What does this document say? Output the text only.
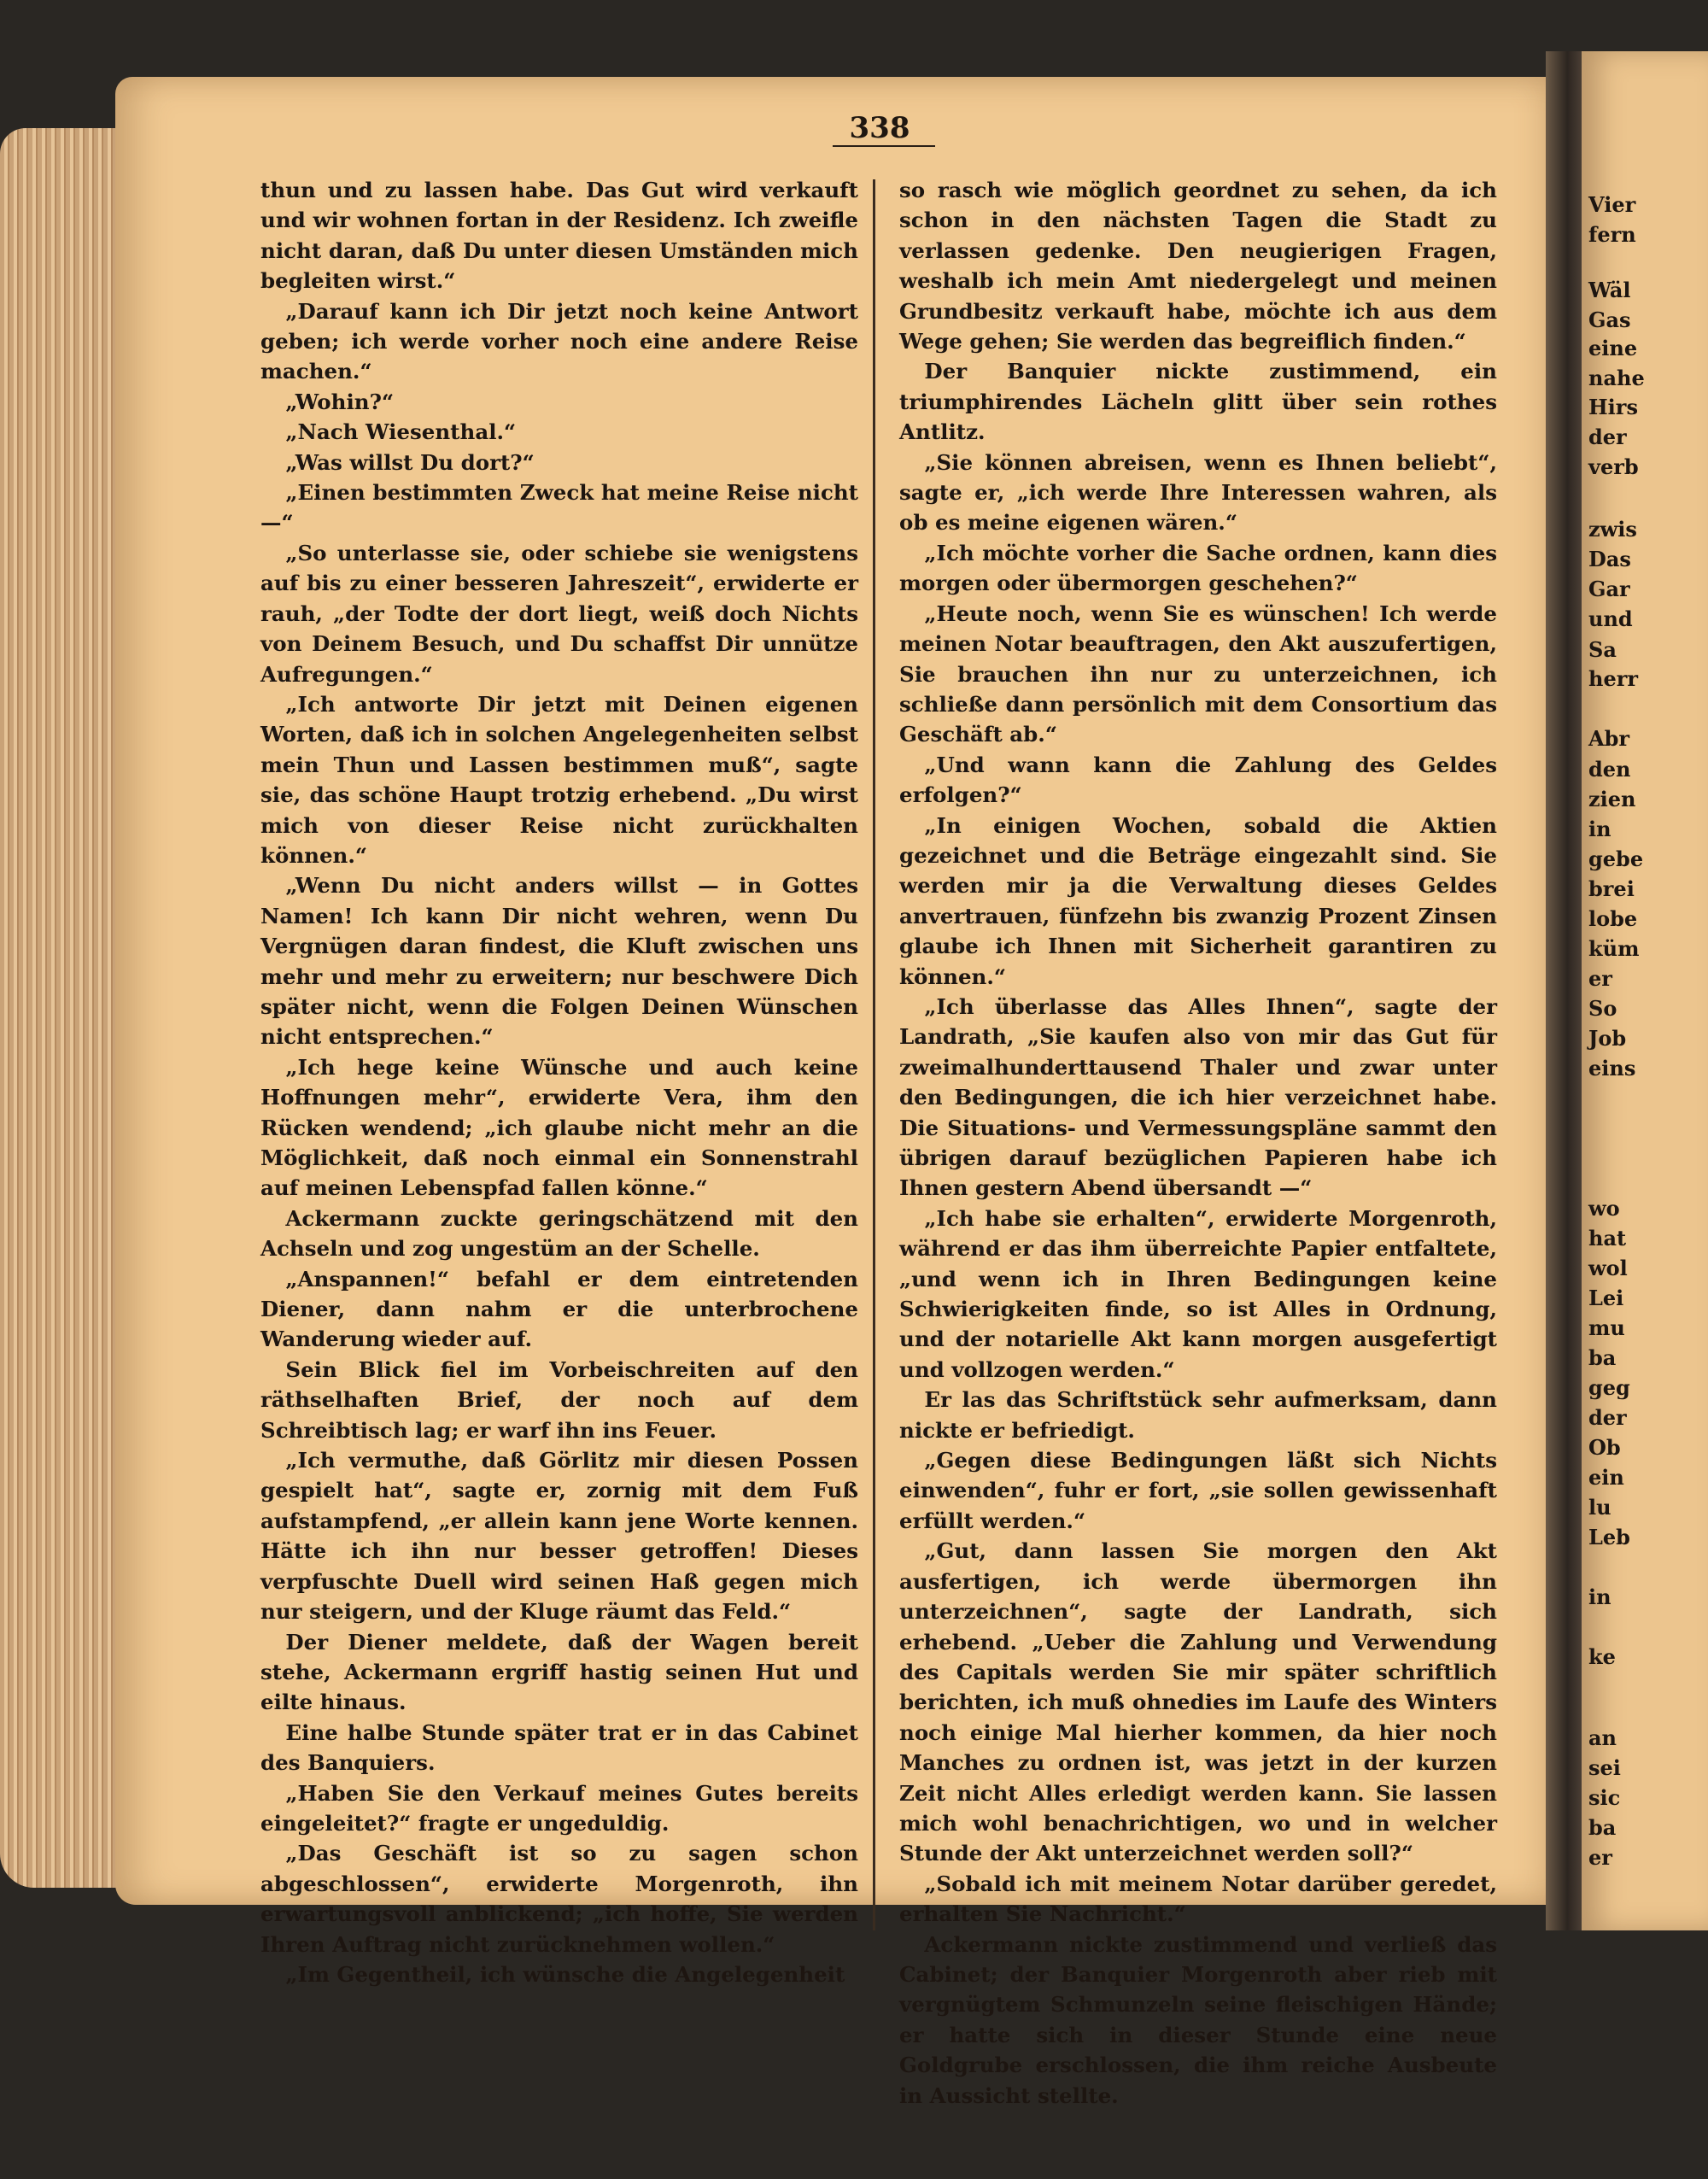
Vier
fern
Wäl
Gas
eine
nahe
Hirs
der
verb
zwis
Das
Gar
und
Sa
herr
Abr
den
zien
in
gebe
brei
lobe
küm
er
So
Job
eins
wo
hat
wol
Lei
mu
ba
geg
der
Ob
ein
lu
Leb
in
ke
an
sei
sic
ba
er
338

thun und zu lassen habe. Das Gut wird verkauft und wir wohnen fortan in der Residenz. Ich zweifle nicht daran, daß Du unter diesen Umständen mich begleiten wirst.“

„Darauf kann ich Dir jetzt noch keine Antwort geben; ich werde vorher noch eine andere Reise machen.“

„Wohin?“

„Nach Wiesenthal.“

„Was willst Du dort?“

„Einen bestimmten Zweck hat meine Reise nicht —“

„So unterlasse sie, oder schiebe sie wenigstens auf bis zu einer besseren Jahreszeit“, erwiderte er rauh, „der Todte der dort liegt, weiß doch Nichts von Deinem Besuch, und Du schaffst Dir unnütze Aufregungen.“

„Ich antworte Dir jetzt mit Deinen eigenen Worten, daß ich in solchen Angelegenheiten selbst mein Thun und Lassen bestimmen muß“, sagte sie, das schöne Haupt trotzig erhebend. „Du wirst mich von dieser Reise nicht zurückhalten können.“

„Wenn Du nicht anders willst — in Gottes Namen! Ich kann Dir nicht wehren, wenn Du Vergnügen daran findest, die Kluft zwischen uns mehr und mehr zu erweitern; nur beschwere Dich später nicht, wenn die Folgen Deinen Wünschen nicht entsprechen.“

„Ich hege keine Wünsche und auch keine Hoffnungen mehr“, erwiderte Vera, ihm den Rücken wendend; „ich glaube nicht mehr an die Möglichkeit, daß noch einmal ein Sonnenstrahl auf meinen Lebenspfad fallen könne.“

Ackermann zuckte geringschätzend mit den Achseln und zog ungestüm an der Schelle.

„Anspannen!“ befahl er dem eintretenden Diener, dann nahm er die unterbrochene Wanderung wieder auf.

Sein Blick fiel im Vorbeischreiten auf den räthselhaften Brief, der noch auf dem Schreibtisch lag; er warf ihn ins Feuer.

„Ich vermuthe, daß Görlitz mir diesen Possen gespielt hat“, sagte er, zornig mit dem Fuß aufstampfend, „er allein kann jene Worte kennen. Hätte ich ihn nur besser getroffen! Dieses verpfuschte Duell wird seinen Haß gegen mich nur steigern, und der Kluge räumt das Feld.“

Der Diener meldete, daß der Wagen bereit stehe, Ackermann ergriff hastig seinen Hut und eilte hinaus.

Eine halbe Stunde später trat er in das Cabinet des Banquiers.

„Haben Sie den Verkauf meines Gutes bereits eingeleitet?“ fragte er ungeduldig.

„Das Geschäft ist so zu sagen schon abgeschlossen“, erwiderte Morgenroth, ihn erwartungsvoll anblickend; „ich hoffe, Sie werden Ihren Auftrag nicht zurücknehmen wollen.“

„Im Gegentheil, ich wünsche die Angelegenheit

so rasch wie möglich geordnet zu sehen, da ich schon in den nächsten Tagen die Stadt zu verlassen gedenke. Den neugierigen Fragen, weshalb ich mein Amt niedergelegt und meinen Grundbesitz verkauft habe, möchte ich aus dem Wege gehen; Sie werden das begreiflich finden.“

Der Banquier nickte zustimmend, ein triumphirendes Lächeln glitt über sein rothes Antlitz.

„Sie können abreisen, wenn es Ihnen beliebt“, sagte er, „ich werde Ihre Interessen wahren, als ob es meine eigenen wären.“

„Ich möchte vorher die Sache ordnen, kann dies morgen oder übermorgen geschehen?“

„Heute noch, wenn Sie es wünschen! Ich werde meinen Notar beauftragen, den Akt auszufertigen, Sie brauchen ihn nur zu unterzeichnen, ich schließe dann persönlich mit dem Consortium das Geschäft ab.“

„Und wann kann die Zahlung des Geldes erfolgen?“

„In einigen Wochen, sobald die Aktien gezeichnet und die Beträge eingezahlt sind. Sie werden mir ja die Verwaltung dieses Geldes anvertrauen, fünfzehn bis zwanzig Prozent Zinsen glaube ich Ihnen mit Sicherheit garantiren zu können.“

„Ich überlasse das Alles Ihnen“, sagte der Landrath, „Sie kaufen also von mir das Gut für zweimalhunderttausend Thaler und zwar unter den Bedingungen, die ich hier verzeichnet habe. Die Situations- und Vermessungspläne sammt den übrigen darauf bezüglichen Papieren habe ich Ihnen gestern Abend übersandt —“

„Ich habe sie erhalten“, erwiderte Morgenroth, während er das ihm überreichte Papier entfaltete, „und wenn ich in Ihren Bedingungen keine Schwierigkeiten finde, so ist Alles in Ordnung, und der notarielle Akt kann morgen ausgefertigt und vollzogen werden.“

Er las das Schriftstück sehr aufmerksam, dann nickte er befriedigt.

„Gegen diese Bedingungen läßt sich Nichts einwenden“, fuhr er fort, „sie sollen gewissenhaft erfüllt werden.“

„Gut, dann lassen Sie morgen den Akt ausfertigen, ich werde übermorgen ihn unterzeichnen“, sagte der Landrath, sich erhebend. „Ueber die Zahlung und Verwendung des Capitals werden Sie mir später schriftlich berichten, ich muß ohnedies im Laufe des Winters noch einige Mal hierher kommen, da hier noch Manches zu ordnen ist, was jetzt in der kurzen Zeit nicht Alles erledigt werden kann. Sie lassen mich wohl benachrichtigen, wo und in welcher Stunde der Akt unterzeichnet werden soll?“

„Sobald ich mit meinem Notar darüber geredet, erhalten Sie Nachricht.“

Ackermann nickte zustimmend und verließ das Cabinet; der Banquier Morgenroth aber rieb mit vergnügtem Schmunzeln seine fleischigen Hände; er hatte sich in dieser Stunde eine neue Goldgrube erschlossen, die ihm reiche Ausbeute in Aussicht stellte.
